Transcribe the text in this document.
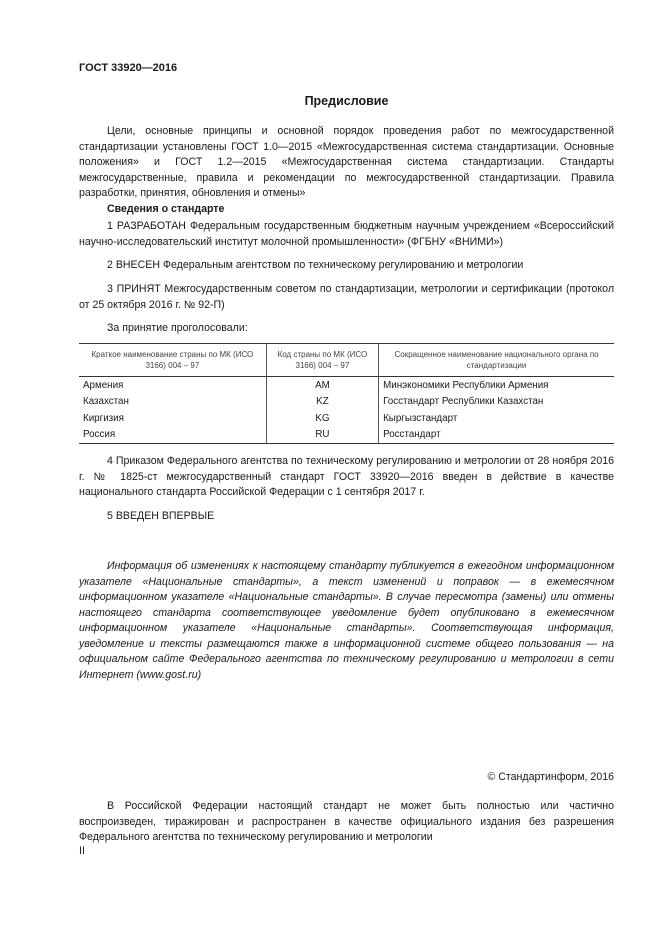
ГОСТ 33920—2016
Предисловие

Цели, основные принципы и основной порядок проведения работ по межгосударственной стандартизации установлены ГОСТ 1.0—2015 «Межгосударственная система стандартизации. Основные положения» и ГОСТ 1.2—2015 «Межгосударственная система стандартизации. Стандарты межгосударственные, правила и рекомендации по межгосударственной стандартизации. Правила разработки, принятия, обновления и отмены»

Сведения о стандарте

1 РАЗРАБОТАН Федеральным государственным бюджетным научным учреждением «Всероссийский научно-исследовательский институт молочной промышленности» (ФГБНУ «ВНИМИ»)

2 ВНЕСЕН Федеральным агентством по техническому регулированию и метрологии

3 ПРИНЯТ Межгосударственным советом по стандартизации, метрологии и сертификации (протокол от 25 октября 2016 г. № 92-П)

За принятие проголосовали:

Краткое наименование страны по МК (ИСО 3166) 004 – 97	Код страны по МК (ИСО 3166) 004 – 97	Сокращенное наименование национального органа по стандартизации
Армения	AM	Минэкономики Республики Армения
Казахстан	KZ	Госстандарт Республики Казахстан
Киргизия	KG	Кыргызстандарт
Россия	RU	Росстандарт

4 Приказом Федерального агентства по техническому регулированию и метрологии от 28 ноября 2016 г. № 1825-ст межгосударственный стандарт ГОСТ 33920—2016 введен в действие в качестве национального стандарта Российской Федерации с 1 сентября 2017 г.

5 ВВЕДЕН ВПЕРВЫЕ

Информация об изменениях к настоящему стандарту публикуется в ежегодном информационном указателе «Национальные стандарты», а текст изменений и поправок — в ежемесячном информационном указателе «Национальные стандарты». В случае пересмотра (замены) или отмены настоящего стандарта соответствующее уведомление будет опубликовано в ежемесячном информационном указателе «Национальные стандарты». Соответствующая информация, уведомление и тексты размещаются также в информационной системе общего пользования — на официальном сайте Федерального агентства по техническому регулированию и метрологии в сети Интернет (www.gost.ru)

© Стандартинформ, 2016

В Российской Федерации настоящий стандарт не может быть полностью или частично воспроизведен, тиражирован и распространен в качестве официального издания без разрешения Федерального агентства по техническому регулированию и метрологии

II
